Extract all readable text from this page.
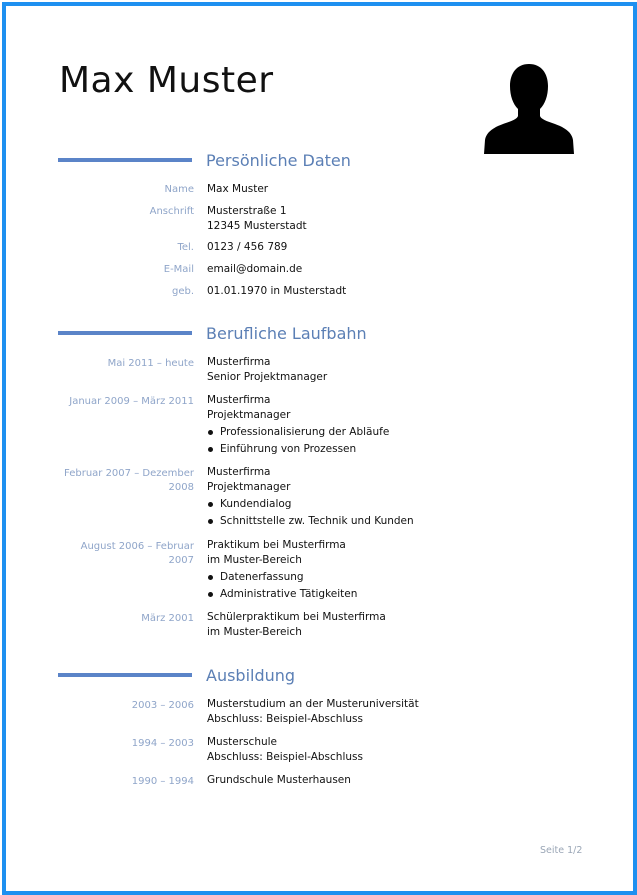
Max Muster
Persönliche Daten
Name Max Muster
Anschrift Musterstraße 1
12345 Musterstadt
Tel. 0123 / 456 789
E-Mail email@domain.de
geb. 01.01.1970 in Musterstadt
Berufliche Laufbahn
Mai 2011 – heute Musterfirma
Senior Projektmanager
Januar 2009 – März 2011 Musterfirma
Projektmanager
Professionalisierung der Abläufe
Einführung von Prozessen
Februar 2007 – Dezember
2008
Musterfirma
Projektmanager
Kundendialog
Schnittstelle zw. Technik und Kunden
August 2006 – Februar
2007
Praktikum bei Musterfirma
im Muster-Bereich
Datenerfassung
Administrative Tätigkeiten
März 2001 Schülerpraktikum bei Musterfirma
im Muster-Bereich
Ausbildung
2003 – 2006 Musterstudium an der Musteruniversität
Abschluss: Beispiel-Abschluss
1994 – 2003 Musterschule
Abschluss: Beispiel-Abschluss
1990 – 1994 Grundschule Musterhausen
Seite 1/2
